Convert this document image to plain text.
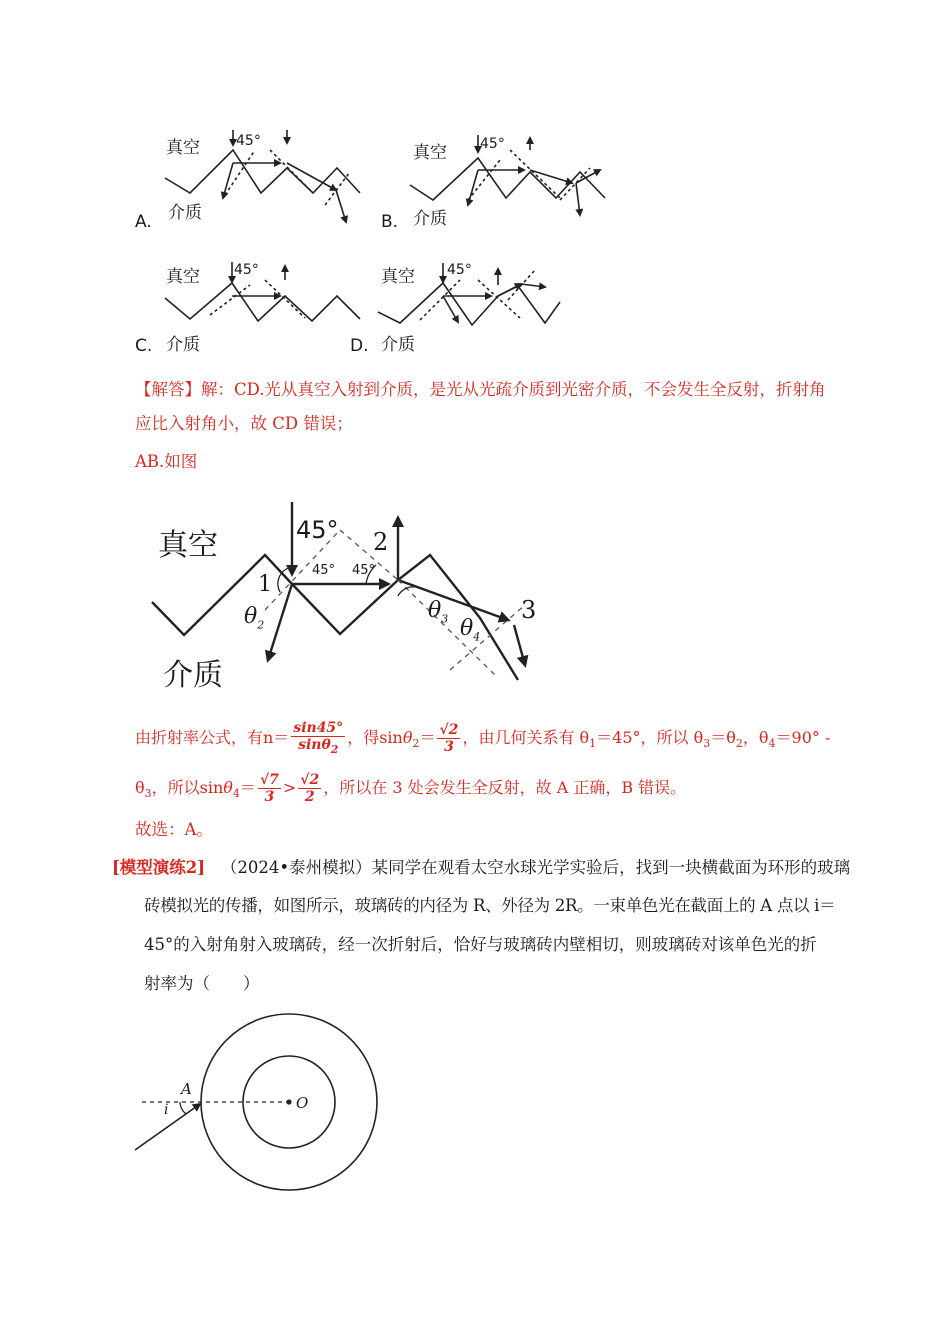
真空	45°
介质
A.
真空 45°
介质
B.
真空 45°
介质
C.
真空 45°
介质
D.
【解答】解：CD.光从真空入射到介质，是光从光疏介质到光密介质，不会发生全反射，折射角
应比入射角小，故 CD 错误；
AB.如图
真空	45°
45° 45°
1
2
3
$\theta_2$
$\theta_3$ $\theta_4$
介质
由折射率公式，有$n= \frac{\sin 45^\circ}{\sin\theta_2}$ ，得$\sin\theta_2= \frac{√2}{3}$ ，由几何关系有 $\theta_1=45^\circ$，所以 $\theta_3=\theta_2$，$\theta_4=90^\circ$ -
$\theta_3$，所以$\sin\theta_4= \frac{√7}{3} > \frac{√2}{2}$ ，所以在 3 处会发生全反射，故 A 正确，B 错误。
故选：A。
[模型演练2] （2024•泰州模拟）某同学在观看太空水球光学实验后，找到一块横截面为环形的玻璃
砖模拟光的传播，如图所示，玻璃砖的内径为 R、外径为 2R。一束单色光在截面上的 A 点以 i＝
45°的入射角射入玻璃砖，经一次折射后，恰好与玻璃砖内壁相切，则玻璃砖对该单色光的折
射率为（　　）
A
O
i
